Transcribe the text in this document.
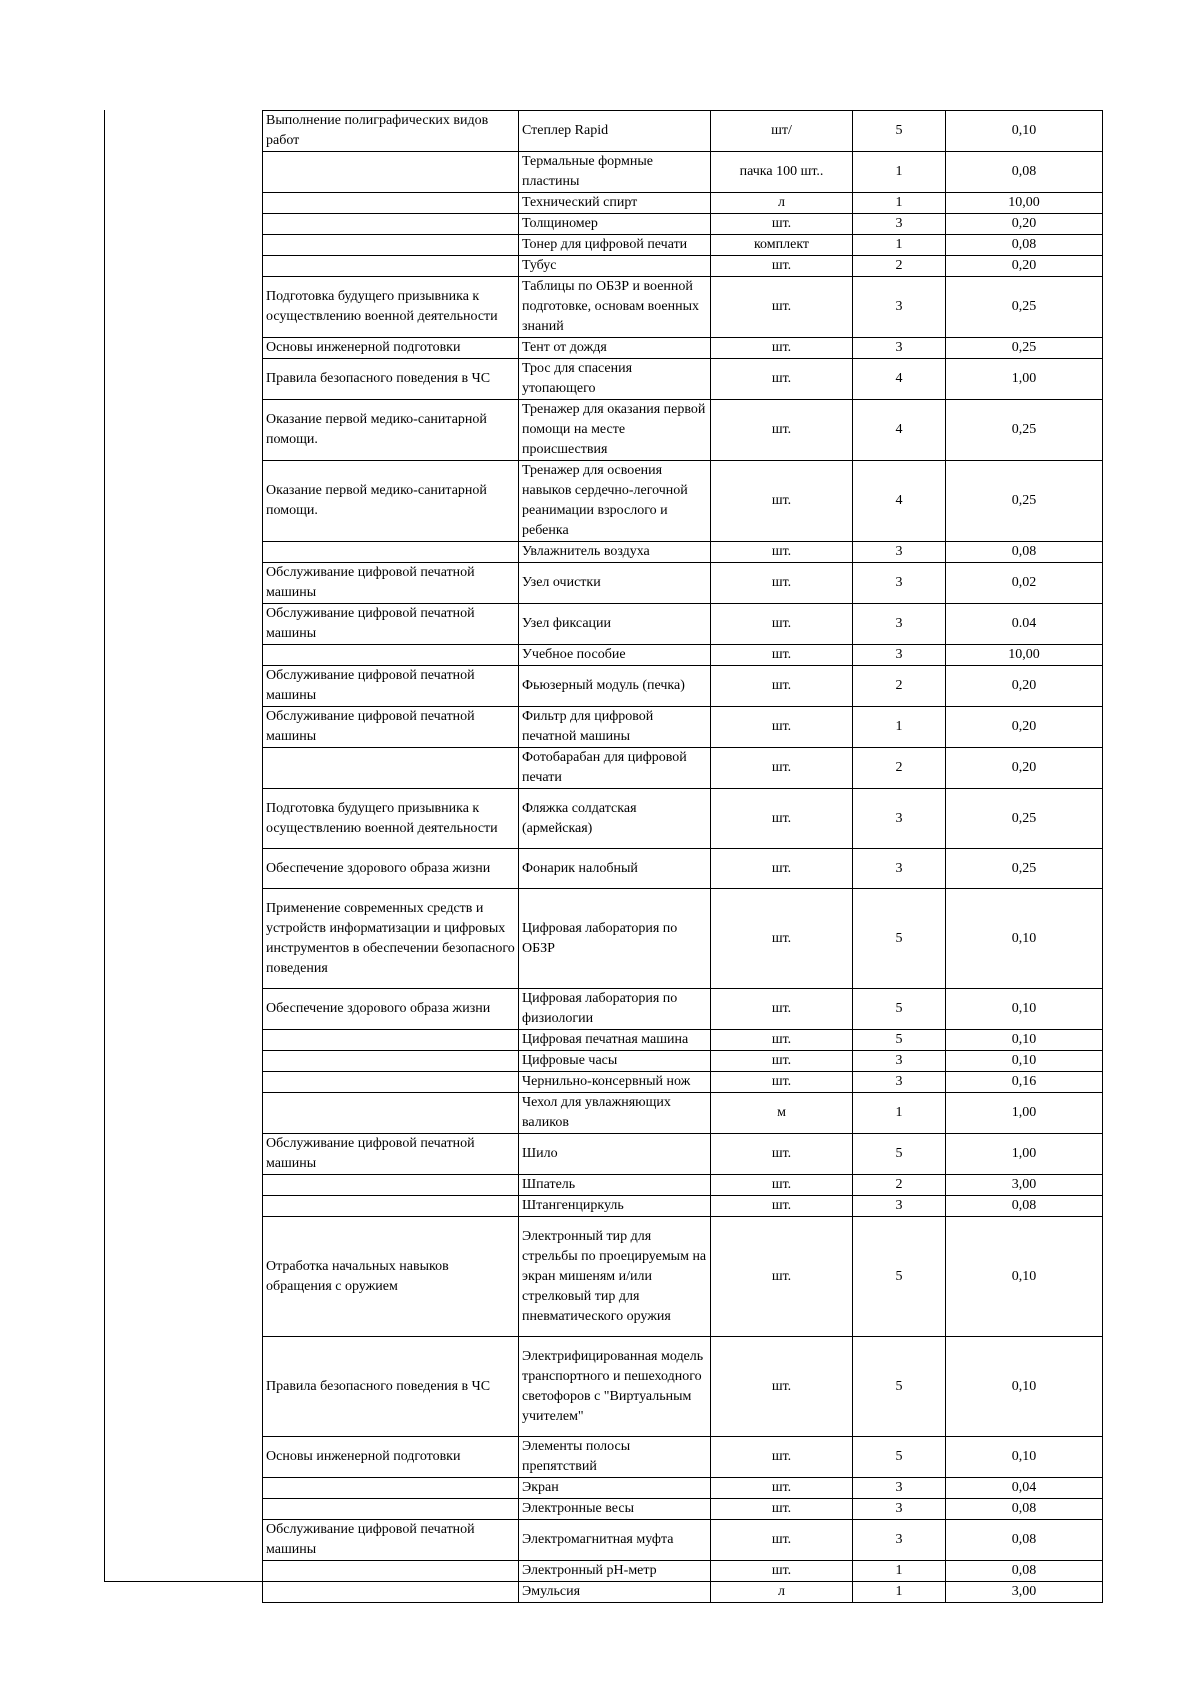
Выполнение полиграфических видов работ	Степлер Rapid	шт/	5	0,10
	Термальные формные пластины	пачка 100 шт..	1	0,08
	Технический спирт	л	1	10,00
	Толщиномер	шт.	3	0,20
	Тонер для цифровой печати	комплект	1	0,08
	Тубус	шт.	2	0,20
Подготовка будущего призывника к осуществлению военной деятельности	Таблицы по ОБЗР и военной подготовке, основам военных знаний	шт.	3	0,25
Основы инженерной подготовки	Тент от дождя	шт.	3	0,25
Правила безопасного поведения в ЧС	Трос для спасения утопающего	шт.	4	1,00
Оказание первой медико-санитарной помощи.	Тренажер для оказания первой помощи на месте происшествия	шт.	4	0,25
Оказание первой медико-санитарной помощи.	Тренажер для освоения навыков сердечно-легочной реанимации взрослого и ребенка	шт.	4	0,25
	Увлажнитель воздуха	шт.	3	0,08
Обслуживание цифровой печатной машины	Узел очистки	шт.	3	0,02
Обслуживание цифровой печатной машины	Узел фиксации	шт.	3	0.04
	Учебное пособие	шт.	3	10,00
Обслуживание цифровой печатной машины	Фьюзерный модуль (печка)	шт.	2	0,20
Обслуживание цифровой печатной машины	Фильтр для цифровой печатной машины	шт.	1	0,20
	Фотобарабан для цифровой печати	шт.	2	0,20
Подготовка будущего призывника к осуществлению военной деятельности	Фляжка солдатская (армейская)	шт.	3	0,25
Обеспечение здорового образа жизни	Фонарик налобный	шт.	3	0,25
Применение современных средств и устройств информатизации и цифровых инструментов в обеспечении безопасного поведения	Цифровая лаборатория по ОБЗР	шт.	5	0,10
Обеспечение здорового образа жизни	Цифровая лаборатория по физиологии	шт.	5	0,10
	Цифровая печатная машина	шт.	5	0,10
	Цифровые часы	шт.	3	0,10
	Чернильно-консервный нож	шт.	3	0,16
	Чехол для увлажняющих валиков	м	1	1,00
Обслуживание цифровой печатной машины	Шило	шт.	5	1,00
	Шпатель	шт.	2	3,00
	Штангенциркуль	шт.	3	0,08
Отработка начальных навыков обращения с оружием	Электронный тир для стрельбы по проецируемым на экран мишеням и/или стрелковый тир для пневматического оружия	шт.	5	0,10
Правила безопасного поведения в ЧС	Электрифицированная модель транспортного и пешеходного светофоров с "Виртуальным учителем"	шт.	5	0,10
Основы инженерной подготовки	Элементы полосы препятствий	шт.	5	0,10
	Экран	шт.	3	0,04
	Электронные весы	шт.	3	0,08
Обслуживание цифровой печатной машины	Электромагнитная муфта	шт.	3	0,08
	Электронный pH-метр	шт.	1	0,08
	Эмульсия	л	1	3,00
